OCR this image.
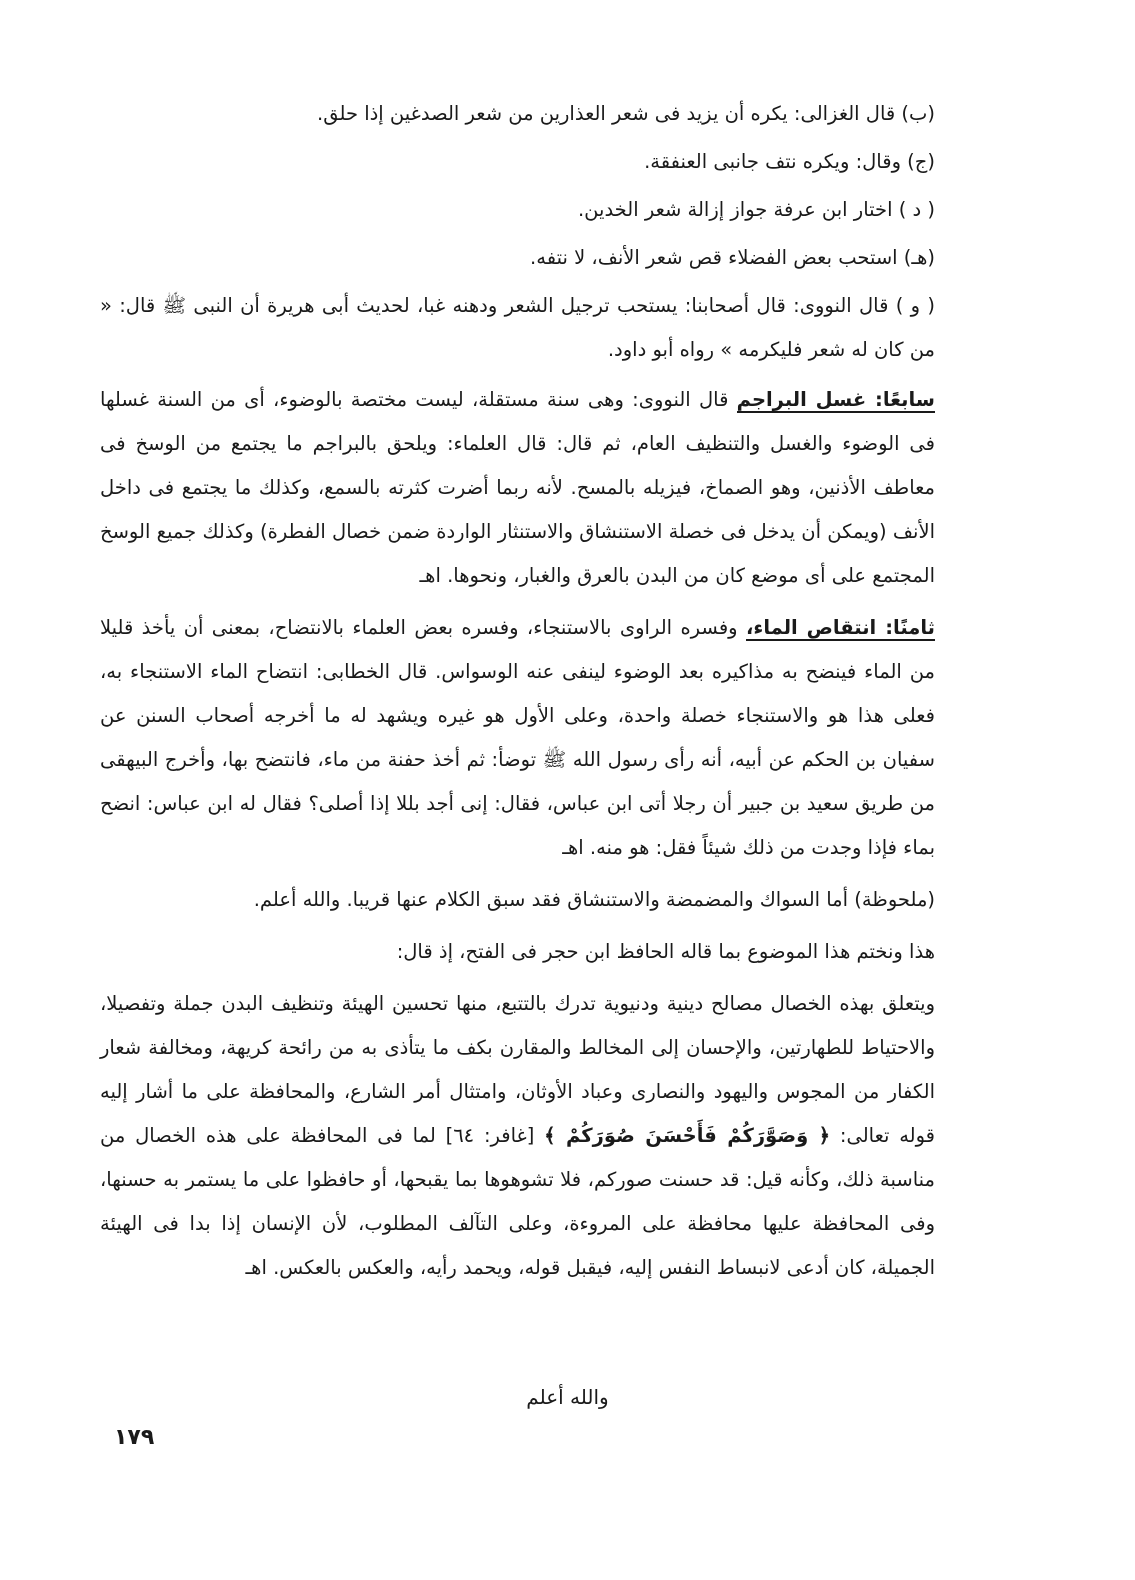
(ب) قال الغزالى: يكره أن يزيد فى شعر العذارين من شعر الصدغين إذا حلق.
(ج) وقال: ويكره نتف جانبى العنفقة.
( د ) اختار ابن عرفة جواز إزالة شعر الخدين.
(هـ) استحب بعض الفضلاء قص شعر الأنف، لا نتفه.
( و ) قال النووى: قال أصحابنا: يستحب ترجيل الشعر ودهنه غبا، لحديث أبى هريرة أن النبى ﷺ قال: « من كان له شعر فليكرمه » رواه أبو داود.
سابعًا: غسل البراجم قال النووى: وهى سنة مستقلة، ليست مختصة بالوضوء، أى من السنة غسلها فى الوضوء والغسل والتنظيف العام، ثم قال: قال العلماء: ويلحق بالبراجم ما يجتمع من الوسخ فى معاطف الأذنين، وهو الصماخ، فيزيله بالمسح. لأنه ربما أضرت كثرته بالسمع، وكذلك ما يجتمع فى داخل الأنف (ويمكن أن يدخل فى خصلة الاستنشاق والاستنثار الواردة ضمن خصال الفطرة) وكذلك جميع الوسخ المجتمع على أى موضع كان من البدن بالعرق والغبار، ونحوها. اهـ
ثامنًا: انتقاص الماء، وفسره الراوى بالاستنجاء، وفسره بعض العلماء بالانتضاح، بمعنى أن يأخذ قليلا من الماء فينضح به مذاكيره بعد الوضوء لينفى عنه الوسواس. قال الخطابى: انتضاح الماء الاستنجاء به، فعلى هذا هو والاستنجاء خصلة واحدة، وعلى الأول هو غيره ويشهد له ما أخرجه أصحاب السنن عن سفيان بن الحكم عن أبيه، أنه رأى رسول الله ﷺ توضأ: ثم أخذ حفنة من ماء، فانتضح بها، وأخرج البيهقى من طريق سعيد بن جبير أن رجلا أتى ابن عباس، فقال: إنى أجد بللا إذا أصلى؟ فقال له ابن عباس: انضح بماء فإذا وجدت من ذلك شيئاً فقل: هو منه. اهـ
(ملحوظة) أما السواك والمضمضة والاستنشاق فقد سبق الكلام عنها قريبا. والله أعلم.
هذا ونختم هذا الموضوع بما قاله الحافظ ابن حجر فى الفتح، إذ قال:
ويتعلق بهذه الخصال مصالح دينية ودنيوية تدرك بالتتبع، منها تحسين الهيئة وتنظيف البدن جملة وتفصيلا، والاحتياط للطهارتين، والإحسان إلى المخالط والمقارن بكف ما يتأذى به من رائحة كريهة، ومخالفة شعار الكفار من المجوس واليهود والنصارى وعباد الأوثان، وامتثال أمر الشارع، والمحافظة على ما أشار إليه قوله تعالى: ﴿ وَصَوَّرَكُمْ فَأَحْسَنَ صُوَرَكُمْ ﴾ [غافر: ٦٤] لما فى المحافظة على هذه الخصال من مناسبة ذلك، وكأنه قيل: قد حسنت صوركم، فلا تشوهوها بما يقبحها، أو حافظوا على ما يستمر به حسنها، وفى المحافظة عليها محافظة على المروءة، وعلى التآلف المطلوب، لأن الإنسان إذا بدا فى الهيئة الجميلة، كان أدعى لانبساط النفس إليه، فيقبل قوله، ويحمد رأيه، والعكس بالعكس. اهـ
والله أعلم
١٧٩
